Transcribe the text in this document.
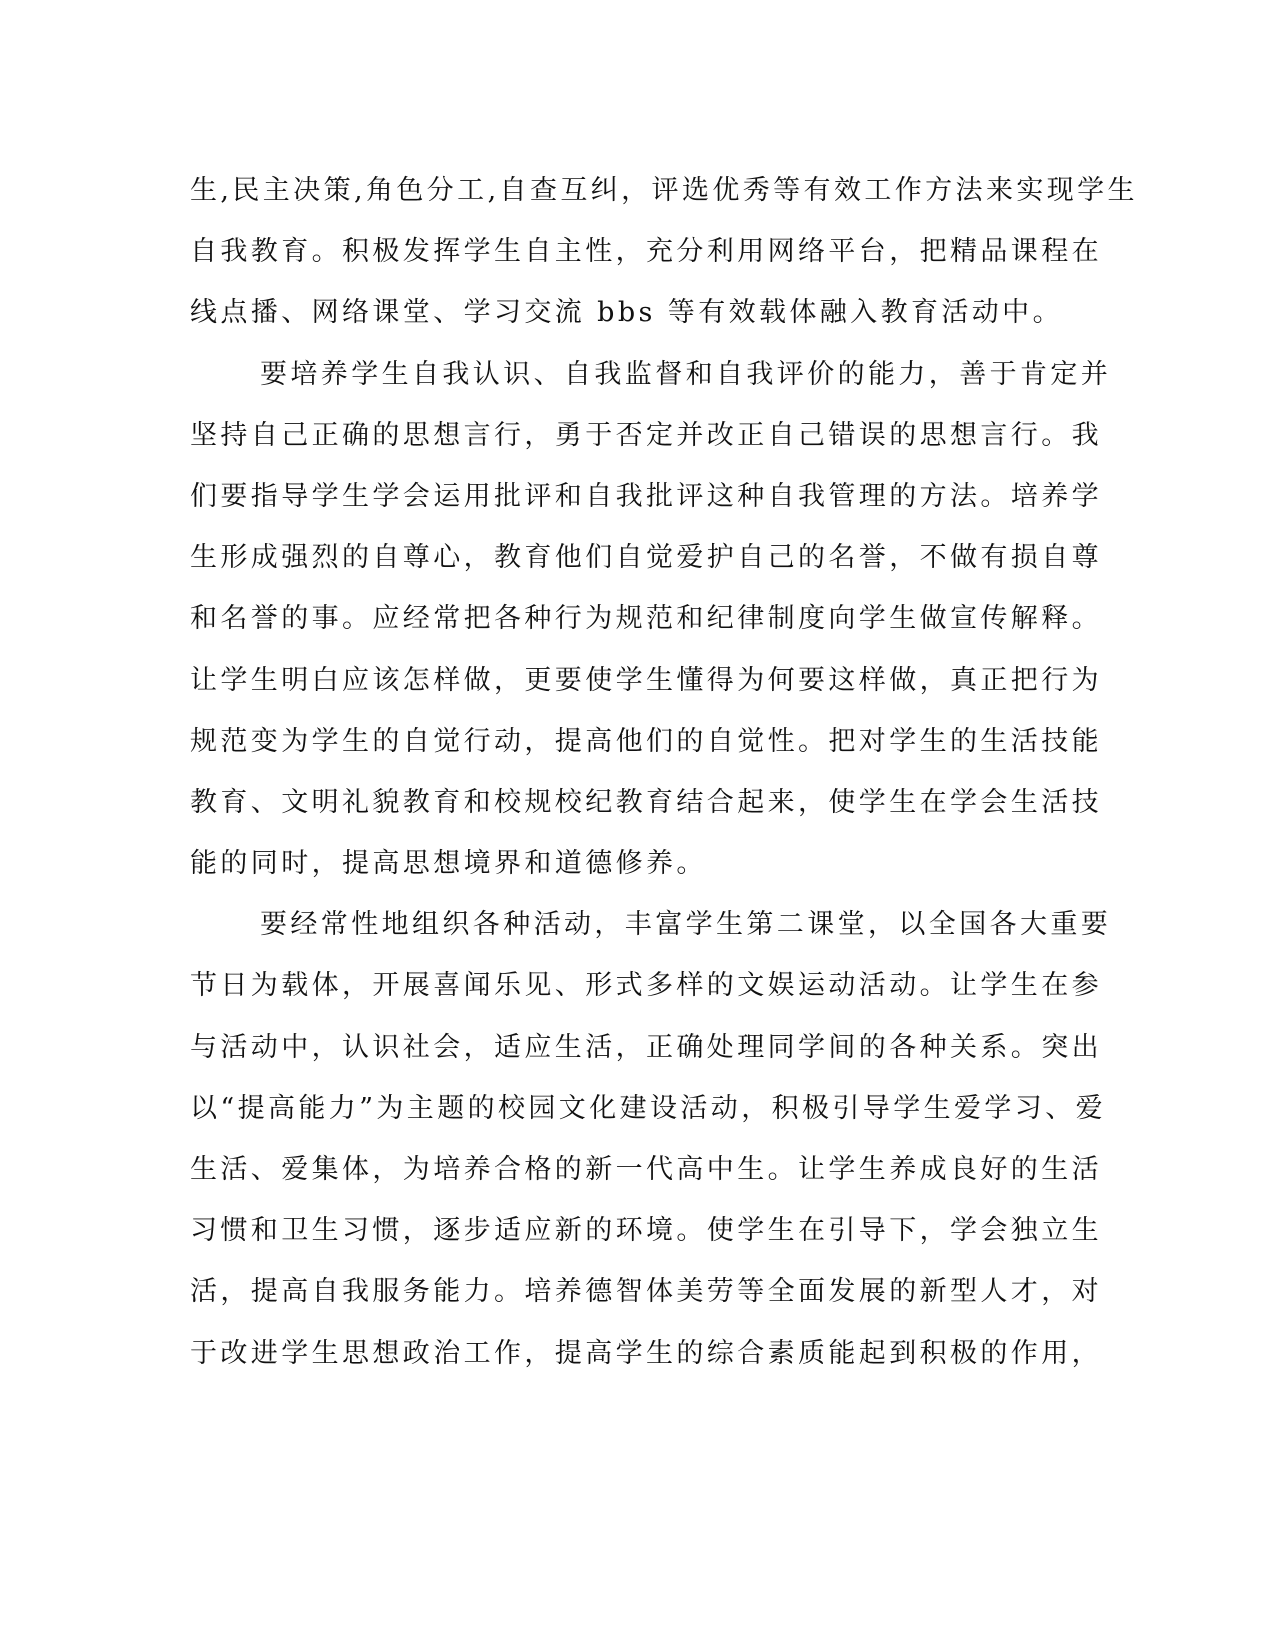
生,民主决策,角色分工,自查互纠，评选优秀等有效工作方法来实现学生
自我教育。积极发挥学生自主性，充分利用网络平台，把精品课程在
线点播、网络课堂、学习交流 bbs 等有效载体融入教育活动中。
要培养学生自我认识、自我监督和自我评价的能力，善于肯定并
坚持自己正确的思想言行，勇于否定并改正自己错误的思想言行。我
们要指导学生学会运用批评和自我批评这种自我管理的方法。培养学
生形成强烈的自尊心，教育他们自觉爱护自己的名誉，不做有损自尊
和名誉的事。应经常把各种行为规范和纪律制度向学生做宣传解释。
让学生明白应该怎样做，更要使学生懂得为何要这样做，真正把行为
规范变为学生的自觉行动，提高他们的自觉性。把对学生的生活技能
教育、文明礼貌教育和校规校纪教育结合起来，使学生在学会生活技
能的同时，提高思想境界和道德修养。
要经常性地组织各种活动，丰富学生第二课堂，以全国各大重要
节日为载体，开展喜闻乐见、形式多样的文娱运动活动。让学生在参
与活动中，认识社会，适应生活，正确处理同学间的各种关系。突出
以“提高能力”为主题的校园文化建设活动，积极引导学生爱学习、爱
生活、爱集体，为培养合格的新一代高中生。让学生养成良好的生活
习惯和卫生习惯，逐步适应新的环境。使学生在引导下，学会独立生
活，提高自我服务能力。培养德智体美劳等全面发展的新型人才，对
于改进学生思想政治工作，提高学生的综合素质能起到积极的作用，
